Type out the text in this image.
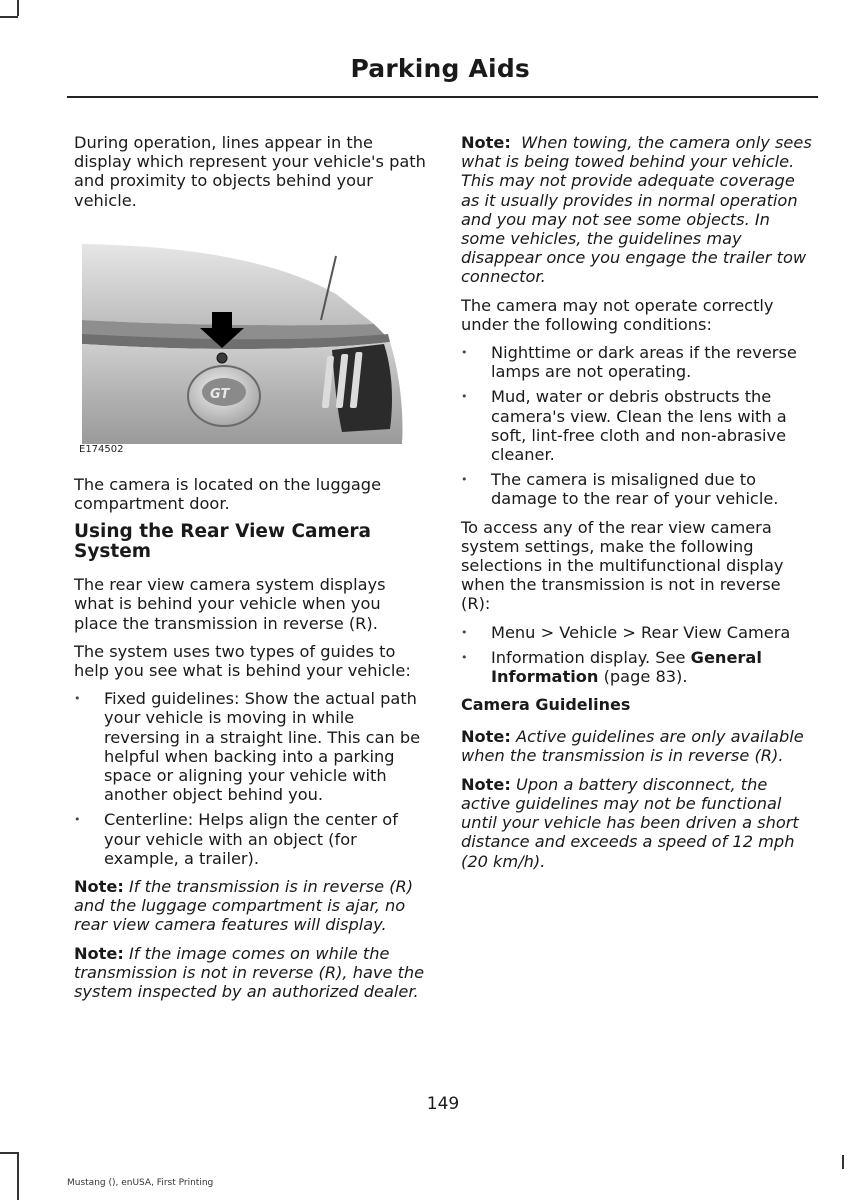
Parking Aids

During operation, lines appear in the display which represent your vehicle's path and proximity to objects behind your vehicle.

GT
E174502

The camera is located on the luggage compartment door.

Using the Rear View Camera System

The rear view camera system displays what is behind your vehicle when you place the transmission in reverse (R).

The system uses two types of guides to help you see what is behind your vehicle:

• Fixed guidelines: Show the actual path your vehicle is moving in while reversing in a straight line. This can be helpful when backing into a parking space or aligning your vehicle with another object behind you.
• Centerline: Helps align the center of your vehicle with an object (for example, a trailer).

Note: If the transmission is in reverse (R) and the luggage compartment is ajar, no rear view camera features will display.

Note: If the image comes on while the transmission is not in reverse (R), have the system inspected by an authorized dealer.

Note: When towing, the camera only sees what is being towed behind your vehicle. This may not provide adequate coverage as it usually provides in normal operation and you may not see some objects. In some vehicles, the guidelines may disappear once you engage the trailer tow connector.

The camera may not operate correctly under the following conditions:

• Nighttime or dark areas if the reverse lamps are not operating.
• Mud, water or debris obstructs the camera's view. Clean the lens with a soft, lint-free cloth and non-abrasive cleaner.
• The camera is misaligned due to damage to the rear of your vehicle.

To access any of the rear view camera system settings, make the following selections in the multifunctional display when the transmission is not in reverse (R):

• Menu > Vehicle > Rear View Camera
• Information display. See General Information (page 83).
Camera Guidelines

Note: Active guidelines are only available when the transmission is in reverse (R).

Note: Upon a battery disconnect, the active guidelines may not be functional until your vehicle has been driven a short distance and exceeds a speed of 12 mph (20 km/h).

149
Mustang (), enUSA, First Printing
